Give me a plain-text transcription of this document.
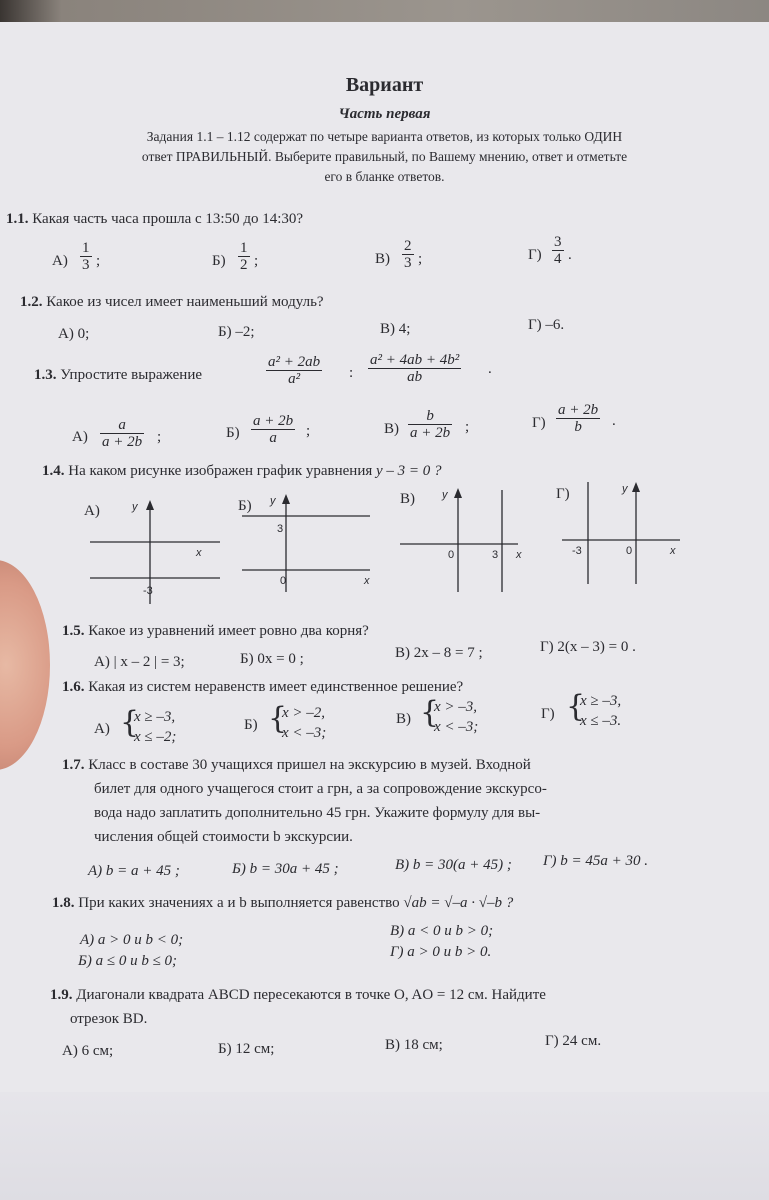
Вариант
Часть первая
Задания 1.1 – 1.12 содержат по четыре варианта ответов, из которых только ОДИН
ответ ПРАВИЛЬНЫЙ. Выберите правильный, по Вашему мнению, ответ и отметьте
его в бланке ответов.
1.1. Какая часть часа прошла с 13:50 до 14:30?
$А) \frac{1}{3}$ ;	$Б) \frac{1}{2}$ ;	$В) \frac{2}{3}$ ;	$Г) \frac{3}{4}$ .
1.2. Какое из чисел имеет наименьший модуль?
А) 0;	Б) –2;	В) 4;	Г) –6.
1.3. Упростите выражение	$\frac{\text{a² + 2ab}}{\text{a²}}$ : $\frac{\text{a² + 4ab + 4b²}}{ab}$ .
$А) \frac{a}{a + 2b}$ ;	$Б) \frac{a + 2b}{a}$ ;	$В) \frac{b}{a + 2b}$ ;	$Г) \frac{a + 2b}{b}$ .
1.4. На каком рисунке изображен график уравнения y – 3 = 0 ?
А)	y
x
-3
Б) y
x
3
0
В) y
x
0	3
Г)	y
x
-3	0
1.5. Какое из уравнений имеет ровно два корня?
А) | x – 2 | = 3;	Б) 0x = 0 ;	В) 2x – 8 = 7 ;	Г) 2(x – 3) = 0 .
1.6. Какая из систем неравенств имеет единственное решение?
А) {
x ≥ –3,
x ≤ –2;
Б) {
x > –2,
x < –3;
В) {
x > –3,
x < –3;
Г) {
x ≥ –3,
x ≤ –3.
1.7. Класс в составе 30 учащихся пришел на экскурсию в музей. Входной
билет для одного учащегося стоит a грн, а за сопровождение экскурсо-
вода надо заплатить дополнительно 45 грн. Укажите формулу для вы-
числения общей стоимости b экскурсии.
А) b = a + 45 ;	Б) b = 30a + 45 ;	В) b = 30(a + 45) ; Г) b = 45a + 30 .
1.8. При каких значениях a и b выполняется равенство √ab = √–a · √–b ?
А) a > 0 и b < 0;
Б) a ≤ 0 и b ≤ 0;
В) a < 0 и b > 0;
Г) a > 0 и b > 0.
1.9. Диагонали квадрата ABCD пересекаются в точке O, AO = 12 см. Найдите
отрезок BD.
А) 6 см;	Б) 12 см;	В) 18 см;	Г) 24 см.
